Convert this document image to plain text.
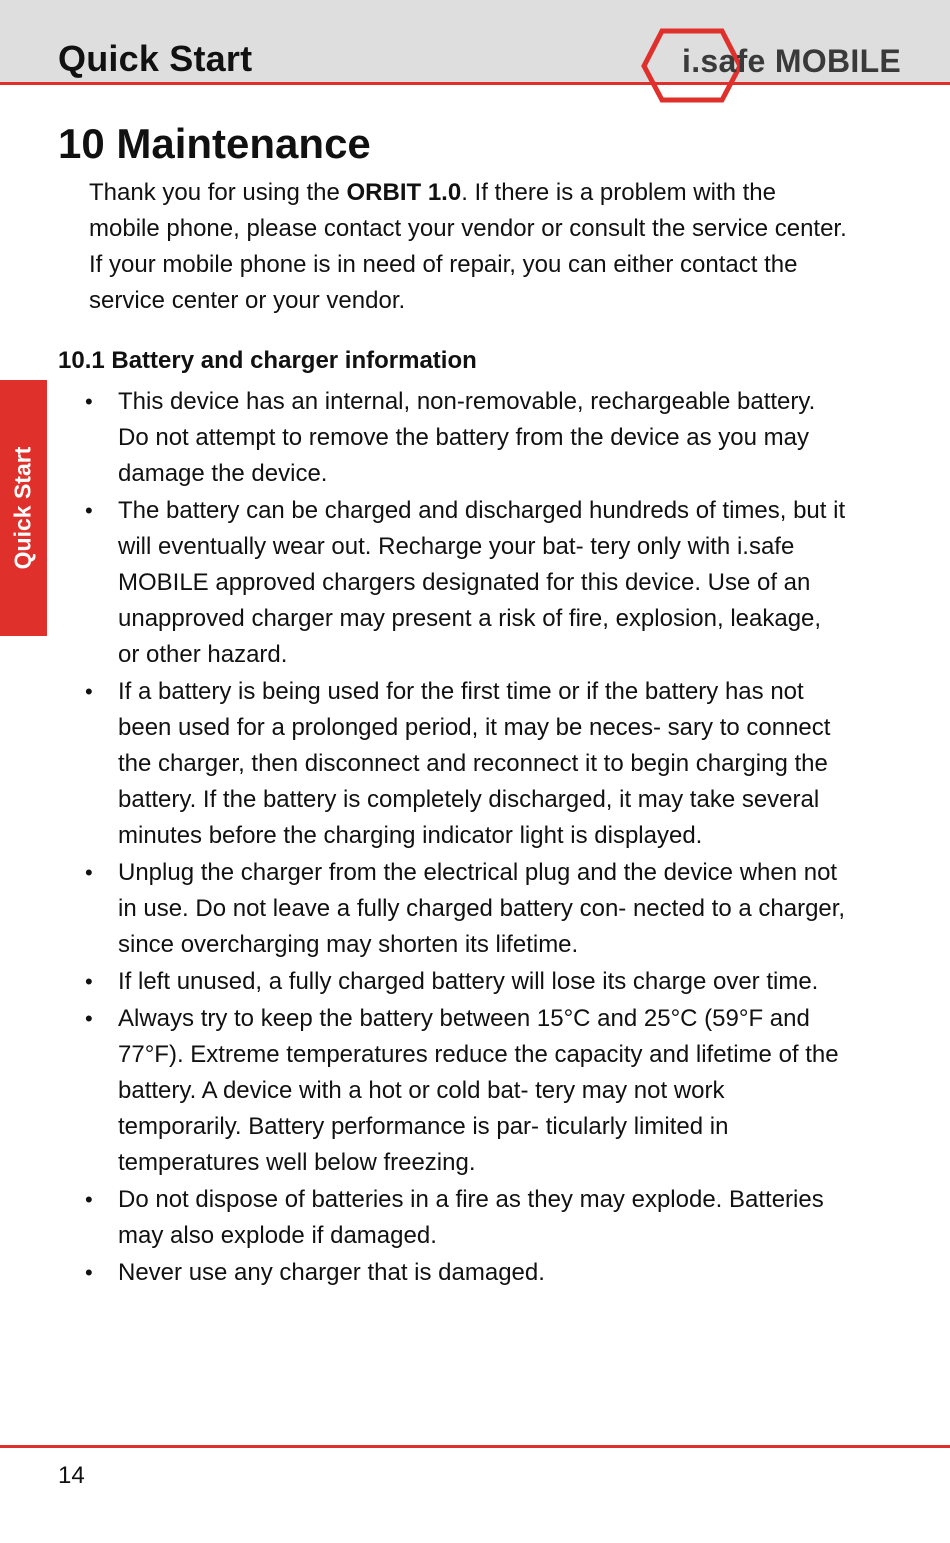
Quick Start	i.safe MOBILE
Quick Start
10 Maintenance

Thank you for using the ORBIT 1.0. If there is a problem with the mobile phone, please contact your vendor or consult the service center. If your mobile phone is in need of repair, you can either contact the service center or your vendor.

10.1 Battery and charger information
• This device has an internal, non-removable, rechargeable battery. Do not attempt to remove the battery from the device as you may damage the device.
• The battery can be charged and discharged hundreds of times, but it will eventually wear out. Recharge your bat- tery only with i.safe MOBILE approved chargers designated for this device. Use of an unapproved charger may present a risk of fire, explosion, leakage, or other hazard.
• If a battery is being used for the first time or if the battery has not been used for a prolonged period, it may be neces- sary to connect the charger, then disconnect and reconnect it to begin charging the battery. If the battery is completely discharged, it may take several minutes before the charging indicator light is displayed.
• Unplug the charger from the electrical plug and the device when not in use. Do not leave a fully charged battery con- nected to a charger, since overcharging may shorten its lifetime.
• If left unused, a fully charged battery will lose its charge over time.
• Always try to keep the battery between 15°C and 25°C (59°F and 77°F). Extreme temperatures reduce the capacity and lifetime of the battery. A device with a hot or cold bat- tery may not work temporarily. Battery performance is par- ticularly limited in temperatures well below freezing.
• Do not dispose of batteries in a fire as they may explode. Batteries may also explode if damaged.
• Never use any charger that is damaged.
14
